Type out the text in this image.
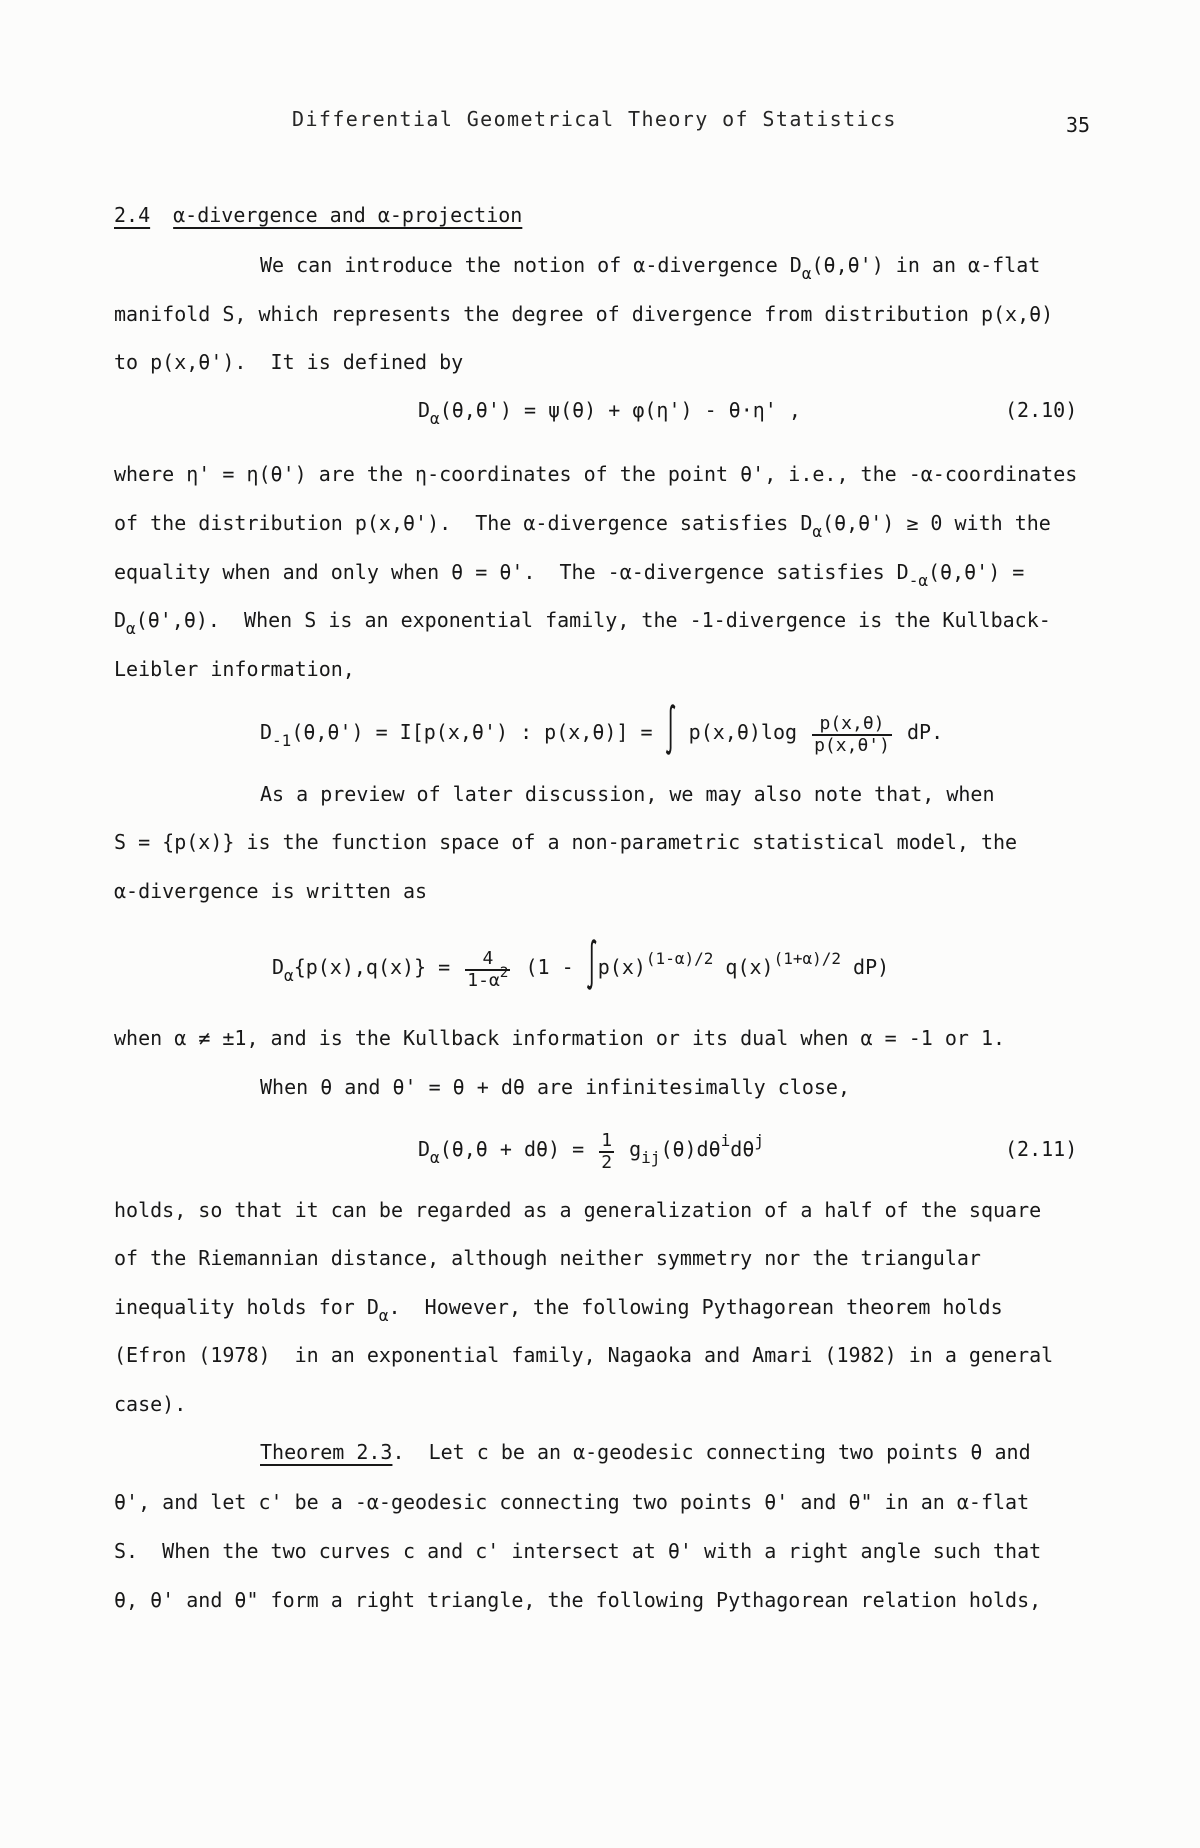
Differential Geometrical Theory of Statistics	35
2.4 α-divergence and α-projection
We can introduce the notion of α-divergence $D_\alpha(\theta,\theta')$ in an α-flat
manifold S, which represents the degree of divergence from distribution p(x,θ)
to p(x,θ').  It is defined by
$D_\alpha(\theta,\theta') = \psi(\theta) + \varphi(\eta') - \theta\cdot\eta'$ ,	(2.10)
where η' = η(θ') are the η-coordinates of the point θ', i.e., the -α-coordinates
of the distribution p(x,θ').  The α-divergence satisfies $D_\alpha(\theta,\theta') \ge 0$ with the
equality when and only when θ = θ'.  The -α-divergence satisfies $D_{-\alpha}(\theta,\theta')$ =
$D_\alpha(\theta',\theta)$.  When S is an exponential family, the -1-divergence is the Kullback-
Leibler information,
$D_{-1}(\theta,\theta') = I[p(x,\theta')$ : p(x,θ)] = ∫ $p(x,\theta)\log \frac{p(x,\theta)}{p(x,\theta')}$ dP.
As a preview of later discussion, we may also note that, when
S = {p(x)} is the function space of a non-parametric statistical model, the
α-divergence is written as
$D_\alpha\{p(x),q(x)\} = \frac{4}{1-\alpha^2} (1 - \int p(x)^{(1-\alpha)/2}$ $q(x)^{(1+\alpha)/2}$ dP)
when α ≠ ±1, and is the Kullback information or its dual when α = -1 or 1.
When θ and θ' = θ + dθ are infinitesimally close,
$D_\alpha(\theta,\theta + d\theta) = \frac{1}{2} g_{ij}(\theta)d\theta^id\theta^j$	(2.11)
holds, so that it can be regarded as a generalization of a half of the square
of the Riemannian distance, although neither symmetry nor the triangular
inequality holds for $D_\alpha$.  However, the following Pythagorean theorem holds
(Efron (1978)  in an exponential family, Nagaoka and Amari (1982) in a general
case).
Theorem 2.3.  Let c be an α-geodesic connecting two points θ and
θ', and let c' be a -α-geodesic connecting two points θ' and θ" in an α-flat
S.  When the two curves c and c' intersect at θ' with a right angle such that
θ, θ' and θ" form a right triangle, the following Pythagorean relation holds,
